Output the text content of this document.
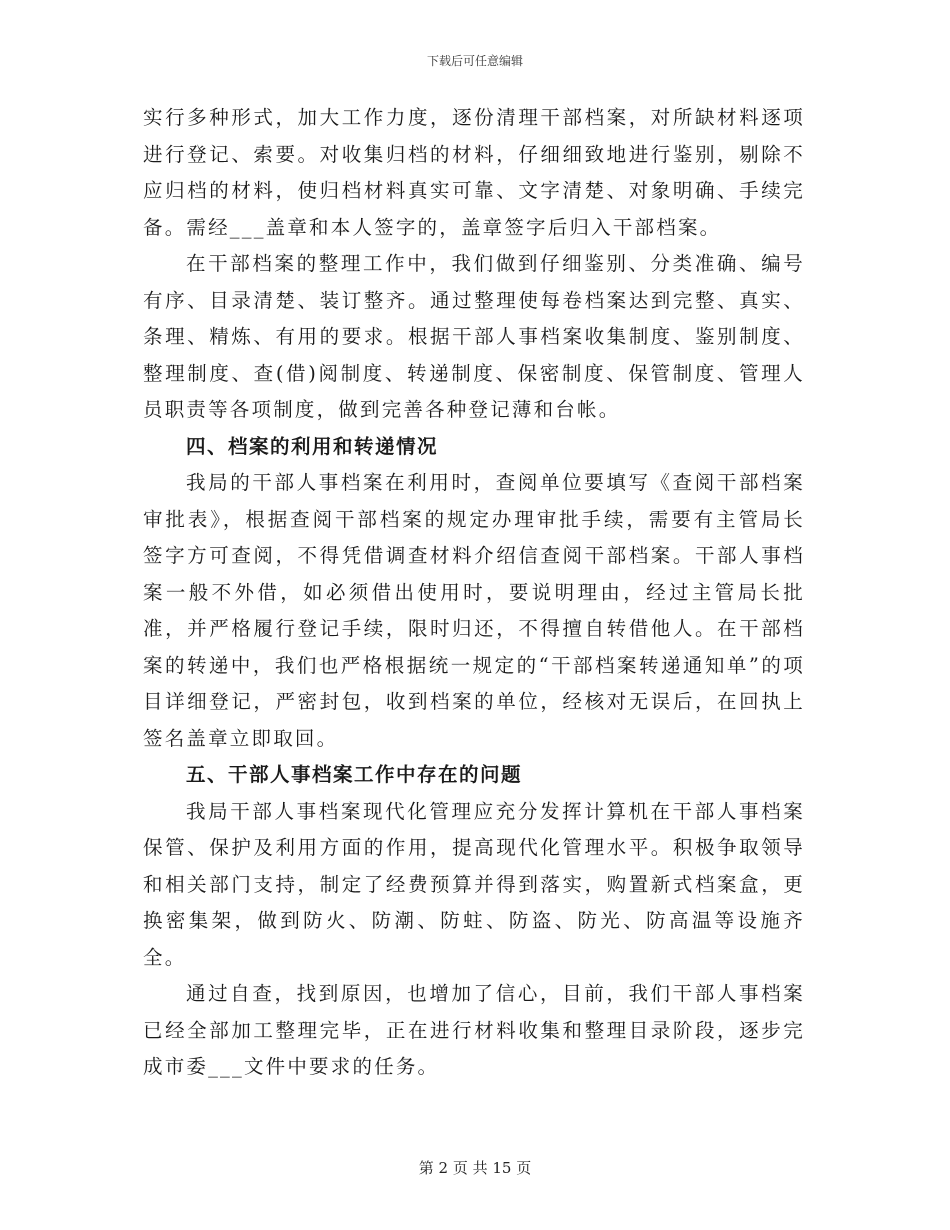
下载后可任意编辑

实行多种形式，加大工作力度，逐份清理干部档案，对所缺材料逐项进行登记、索要。对收集归档的材料，仔细细致地进行鉴别，剔除不应归档的材料，使归档材料真实可靠、文字清楚、对象明确、手续完备。需经___盖章和本人签字的，盖章签字后归入干部档案。

在干部档案的整理工作中，我们做到仔细鉴别、分类准确、编号有序、目录清楚、装订整齐。通过整理使每卷档案达到完整、真实、条理、精炼、有用的要求。根据干部人事档案收集制度、鉴别制度、整理制度、查(借)阅制度、转递制度、保密制度、保管制度、管理人员职责等各项制度，做到完善各种登记薄和台帐。

四、档案的利用和转递情况

我局的干部人事档案在利用时，查阅单位要填写《查阅干部档案审批表》，根据查阅干部档案的规定办理审批手续，需要有主管局长签字方可查阅，不得凭借调查材料介绍信查阅干部档案。干部人事档案一般不外借，如必须借出使用时，要说明理由，经过主管局长批准，并严格履行登记手续，限时归还，不得擅自转借他人。在干部档案的转递中，我们也严格根据统一规定的“干部档案转递通知单”的项目详细登记，严密封包，收到档案的单位，经核对无误后，在回执上签名盖章立即取回。

五、干部人事档案工作中存在的问题

我局干部人事档案现代化管理应充分发挥计算机在干部人事档案保管、保护及利用方面的作用，提高现代化管理水平。积极争取领导和相关部门支持，制定了经费预算并得到落实，购置新式档案盒，更换密集架，做到防火、防潮、防蛀、防盗、防光、防高温等设施齐全。

通过自查，找到原因，也增加了信心，目前，我们干部人事档案已经全部加工整理完毕，正在进行材料收集和整理目录阶段，逐步完成市委___文件中要求的任务。

第 2 页 共 15 页
